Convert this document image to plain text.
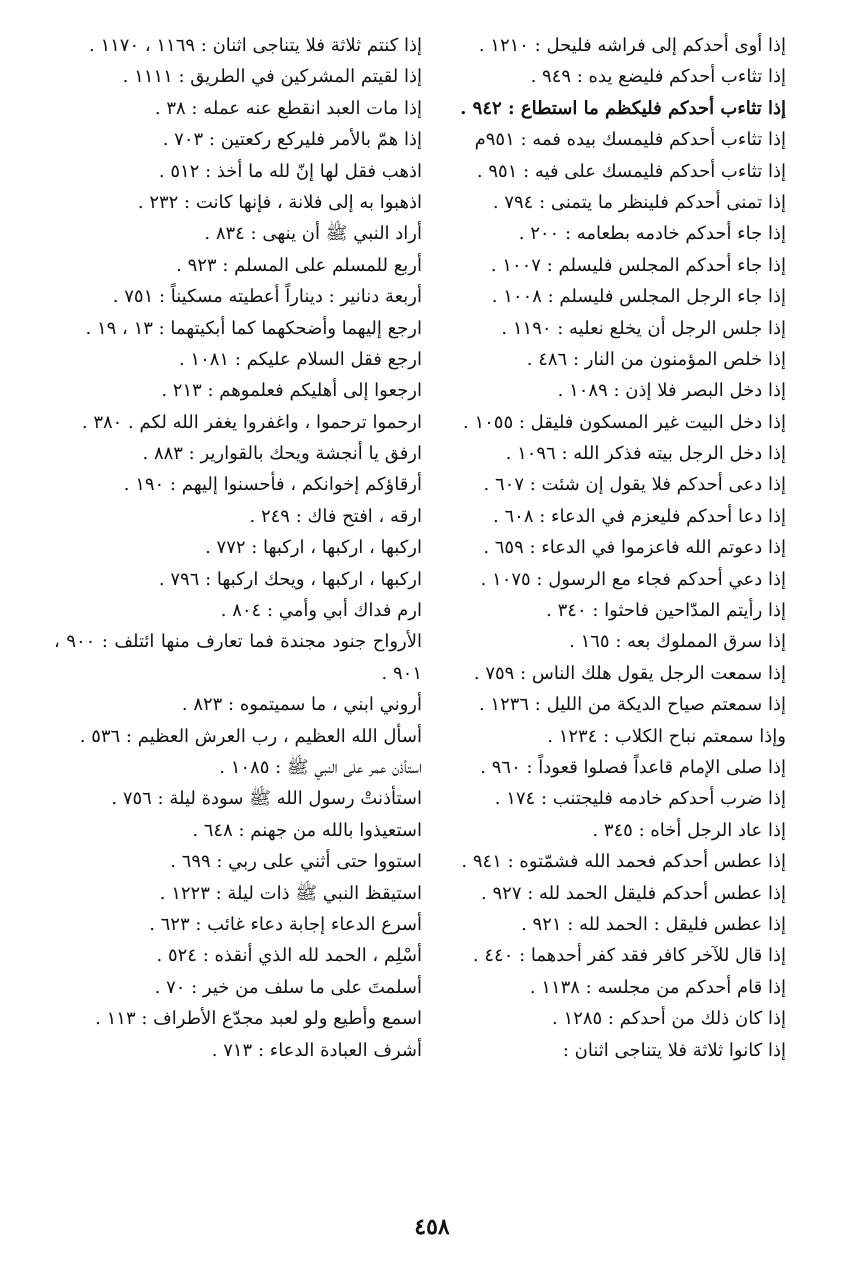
إذا أوى أحدكم إلى فراشه فليحل : ١٢١٠ .
إذا تثاءب أحدكم فليضع يده : ٩٤٩ .
إذا تثاءب أحدكم فليكظم ما استطاع : ٩٤٢ .
إذا تثاءب أحدكم فليمسك بيده فمه : ٩٥١م
إذا تثاءب أحدكم فليمسك على فيه : ٩٥١ .
إذا تمنى أحدكم فلينظر ما يتمنى : ٧٩٤ .
إذا جاء أحدكم خادمه بطعامه : ٢٠٠ .
إذا جاء أحدكم المجلس فليسلم : ١٠٠٧ .
إذا جاء الرجل المجلس فليسلم : ١٠٠٨ .
إذا جلس الرجل أن يخلع نعليه : ١١٩٠ .
إذا خلص المؤمنون من النار : ٤٨٦ .
إذا دخل البصر فلا إذن : ١٠٨٩ .
إذا دخل البيت غير المسكون فليقل : ١٠٥٥ .
إذا دخل الرجل بيته فذكر الله : ١٠٩٦ .
إذا دعى أحدكم فلا يقول إن شئت : ٦٠٧ .
إذا دعا أحدكم فليعزم في الدعاء : ٦٠٨ .
إذا دعوتم الله فاعزموا في الدعاء : ٦٥٩ .
إذا دعي أحدكم فجاء مع الرسول : ١٠٧٥ .
إذا رأيتم المدّاحين فاحثوا : ٣٤٠ .
إذا سرق المملوك بعه : ١٦٥ .
إذا سمعت الرجل يقول هلك الناس : ٧٥٩ .
إذا سمعتم صياح الديكة من الليل : ١٢٣٦ .
وإذا سمعتم نباح الكلاب : ١٢٣٤ .
إذا صلى الإمام قاعداً فصلوا قعوداً : ٩٦٠ .
إذا ضرب أحدكم خادمه فليجتنب : ١٧٤ .
إذا عاد الرجل أخاه : ٣٤٥ .
إذا عطس أحدكم فحمد الله فشمّتوه : ٩٤١ .
إذا عطس أحدكم فليقل الحمد لله : ٩٢٧ .
إذا عطس فليقل : الحمد لله : ٩٢١ .
إذا قال للآخر كافر فقد كفر أحدهما : ٤٤٠ .
إذا قام أحدكم من مجلسه : ١١٣٨ .
إذا كان ذلك من أحدكم : ١٢٨٥ .
إذا كانوا ثلاثة فلا يتناجى اثنان :
إذا كنتم ثلاثة فلا يتناجى اثنان : ١١٦٩ ، ١١٧٠ .
إذا لقيتم المشركين في الطريق : ١١١١ .
إذا مات العبد انقطع عنه عمله : ٣٨ .
إذا همّ بالأمر فليركع ركعتين : ٧٠٣ .
اذهب فقل لها إنّ لله ما أخذ : ٥١٢ .
اذهبوا به إلى فلانة ، فإنها كانت : ٢٣٢ .
أراد النبي ﷺ أن ينهى : ٨٣٤ .
أربع للمسلم على المسلم : ٩٢٣ .
أربعة دنانير : ديناراً أعطيته مسكيناً : ٧٥١ .
ارجع إليهما وأضحكهما كما أبكيتهما : ١٣ ، ١٩ .
ارجع فقل السلام عليكم : ١٠٨١ .
ارجعوا إلى أهليكم فعلموهم : ٢١٣ .
ارحموا ترحموا ، واغفروا يغفر الله لكم . ٣٨٠ .
ارفق يا أنجشة ويحك بالقوارير : ٨٨٣ .
أرقاؤكم إخوانكم ، فأحسنوا إليهم : ١٩٠ .
ارقه ، افتح فاك : ٢٤٩ .
اركبها ، اركبها ، اركبها : ٧٧٢ .
اركبها ، اركبها ، ويحك اركبها : ٧٩٦ .
ارم فداك أبي وأمي : ٨٠٤ .
الأرواح جنود مجندة فما تعارف منها ائتلف : ٩٠٠ ، ٩٠١ .
أروني ابني ، ما سميتموه : ٨٢٣ .
أسأل الله العظيم ، رب العرش العظيم : ٥٣٦ .
استأذن عمر على النبي ﷺ : ١٠٨٥ .
استأذنتْ رسول الله ﷺ سودة ليلة : ٧٥٦ .
استعيذوا بالله من جهنم : ٦٤٨ .
استووا حتى أثني على ربي : ٦٩٩ .
استيقظ النبي ﷺ ذات ليلة : ١٢٢٣ .
أسرع الدعاء إجابة دعاء غائب : ٦٢٣ .
أسْلِم ، الحمد لله الذي أنقذه : ٥٢٤ .
أسلمتَ على ما سلف من خير : ٧٠ .
اسمع وأطيع ولو لعبد مجدّع الأطراف : ١١٣ .
أشرف العبادة الدعاء : ٧١٣ .
٤٥٨
